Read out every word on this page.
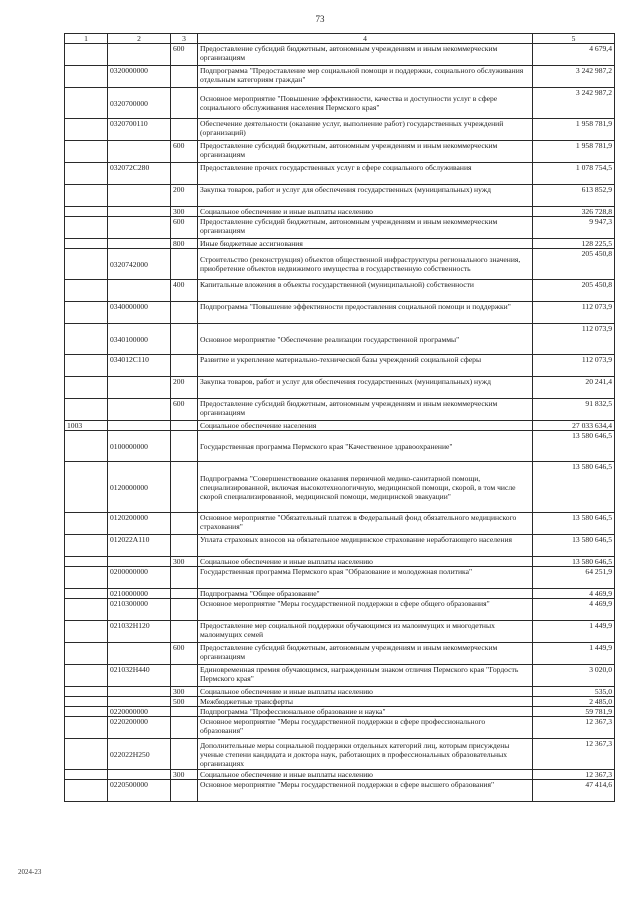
73
1	2	3	4	5
		600	Предоставление субсидий бюджетным, автономным учреждениям и иным некоммерческим организациям	4 679,4
	0320000000		Подпрограмма "Предоставление мер социальной помощи и поддержки, социального обслуживания отдельным категориям граждан"	3 242 987,2
	0320700000		Основное мероприятие "Повышение эффективности, качества и доступности услуг в сфере социального обслуживания населения Пермского края"	3 242 987,2
	0320700110		Обеспечение деятельности (оказание услуг, выполнение работ) государственных учреждений (организаций)	1 958 781,9
		600	Предоставление субсидий бюджетным, автономным учреждениям и иным некоммерческим организациям	1 958 781,9
	032072С280		Предоставление прочих государственных услуг в сфере социального обслуживания	1 078 754,5
		200	Закупка товаров, работ и услуг для обеспечения государственных (муниципальных) нужд	613 852,9
		300	Социальное обеспечение и иные выплаты населению	326 728,8
		600	Предоставление субсидий бюджетным, автономным учреждениям и иным некоммерческим организациям	9 947,3
		800	Иные бюджетные ассигнования	128 225,5
	0320742000		Строительство (реконструкция) объектов общественной инфраструктуры регионального значения, приобретение объектов недвижимого имущества в государственную собственность	205 450,8
		400	Капитальные вложения в объекты государственной (муниципальной) собственности	205 450,8
	0340000000		Подпрограмма "Повышение эффективности предоставления социальной помощи и поддержки"	112 073,9
	0340100000		Основное мероприятие "Обеспечение реализации государственной программы"	112 073,9
	034012С110		Развитие и укрепление материально-технической базы учреждений социальной сферы	112 073,9
		200	Закупка товаров, работ и услуг для обеспечения государственных (муниципальных) нужд	20 241,4
		600	Предоставление субсидий бюджетным, автономным учреждениям и иным некоммерческим организациям	91 832,5
1003			Социальное обеспечение населения	27 033 634,4
	0100000000		Государственная программа Пермского края "Качественное здравоохранение"	13 580 646,5
	0120000000		Подпрограмма "Совершенствование оказания первичной медико-санитарной помощи, специализированной, включая высокотехнологичную, медицинской помощи, скорой, в том числе скорой специализированной, медицинской помощи, медицинской эвакуации"	13 580 646,5
	0120200000		Основное мероприятие "Обязательный платеж в Федеральный фонд обязательного медицинского страхования"	13 580 646,5
	012022А110		Уплата страховых взносов на обязательное медицинское страхование неработающего населения	13 580 646,5
		300	Социальное обеспечение и иные выплаты населению	13 580 646,5
	0200000000		Государственная программа Пермского края "Образование и молодежная политика"	64 251,9
	0210000000		Подпрограмма "Общее образование"	4 469,9
	0210300000		Основное мероприятие "Меры государственной поддержки в сфере общего образования"	4 469,9
	021032Н120		Предоставление мер социальной поддержки обучающимся из малоимущих и многодетных малоимущих семей	1 449,9
		600	Предоставление субсидий бюджетным, автономным учреждениям и иным некоммерческим организациям	1 449,9
	021032Н440		Единовременная премия обучающимся, награжденным знаком отличия Пермского края "Гордость Пермского края"	3 020,0
		300	Социальное обеспечение и иные выплаты населению	535,0
		500	Межбюджетные трансферты	2 485,0
	0220000000		Подпрограмма "Профессиональное образование и наука"	59 781,9
	0220200000		Основное мероприятие "Меры государственной поддержки в сфере профессионального образования"	12 367,3
	022022Н250		Дополнительные меры социальной поддержки отдельных категорий лиц, которым присуждены ученые степени кандидата и доктора наук, работающих в профессиональных образовательных организациях	12 367,3
		300	Социальное обеспечение и иные выплаты населению	12 367,3
	0220500000		Основное мероприятие "Меры государственной поддержки в сфере высшего образования"	47 414,6
2024-23
